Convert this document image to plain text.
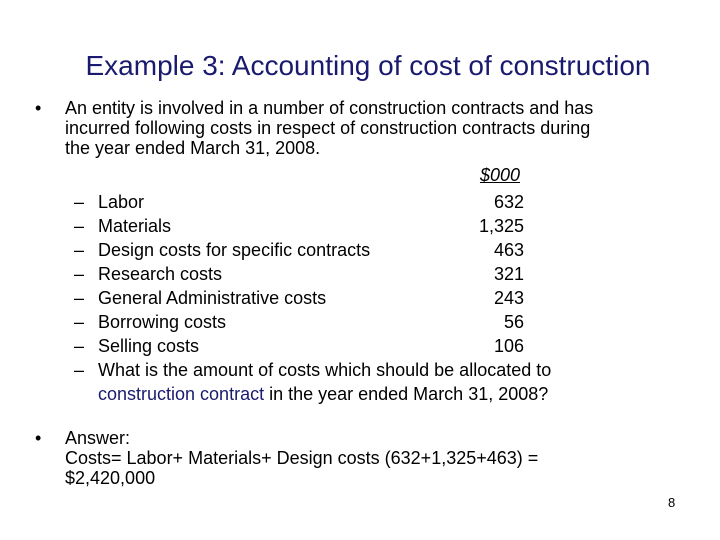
Example 3: Accounting of cost of construction
• An entity is involved in a number of construction contracts and has
incurred following costs in respect of construction contracts during
the year ended March 31, 2008.
$000
– Labor	632
– Materials	1,325
– Design costs for specific contracts	463
– Research costs	321
– General Administrative costs	243
– Borrowing costs	56
– Selling costs	106
– What is the amount of costs which should be allocated to
construction contract in the year ended March 31, 2008?
• Answer:
Costs= Labor+ Materials+ Design costs (632+1,325+463) =
$2,420,000
8
